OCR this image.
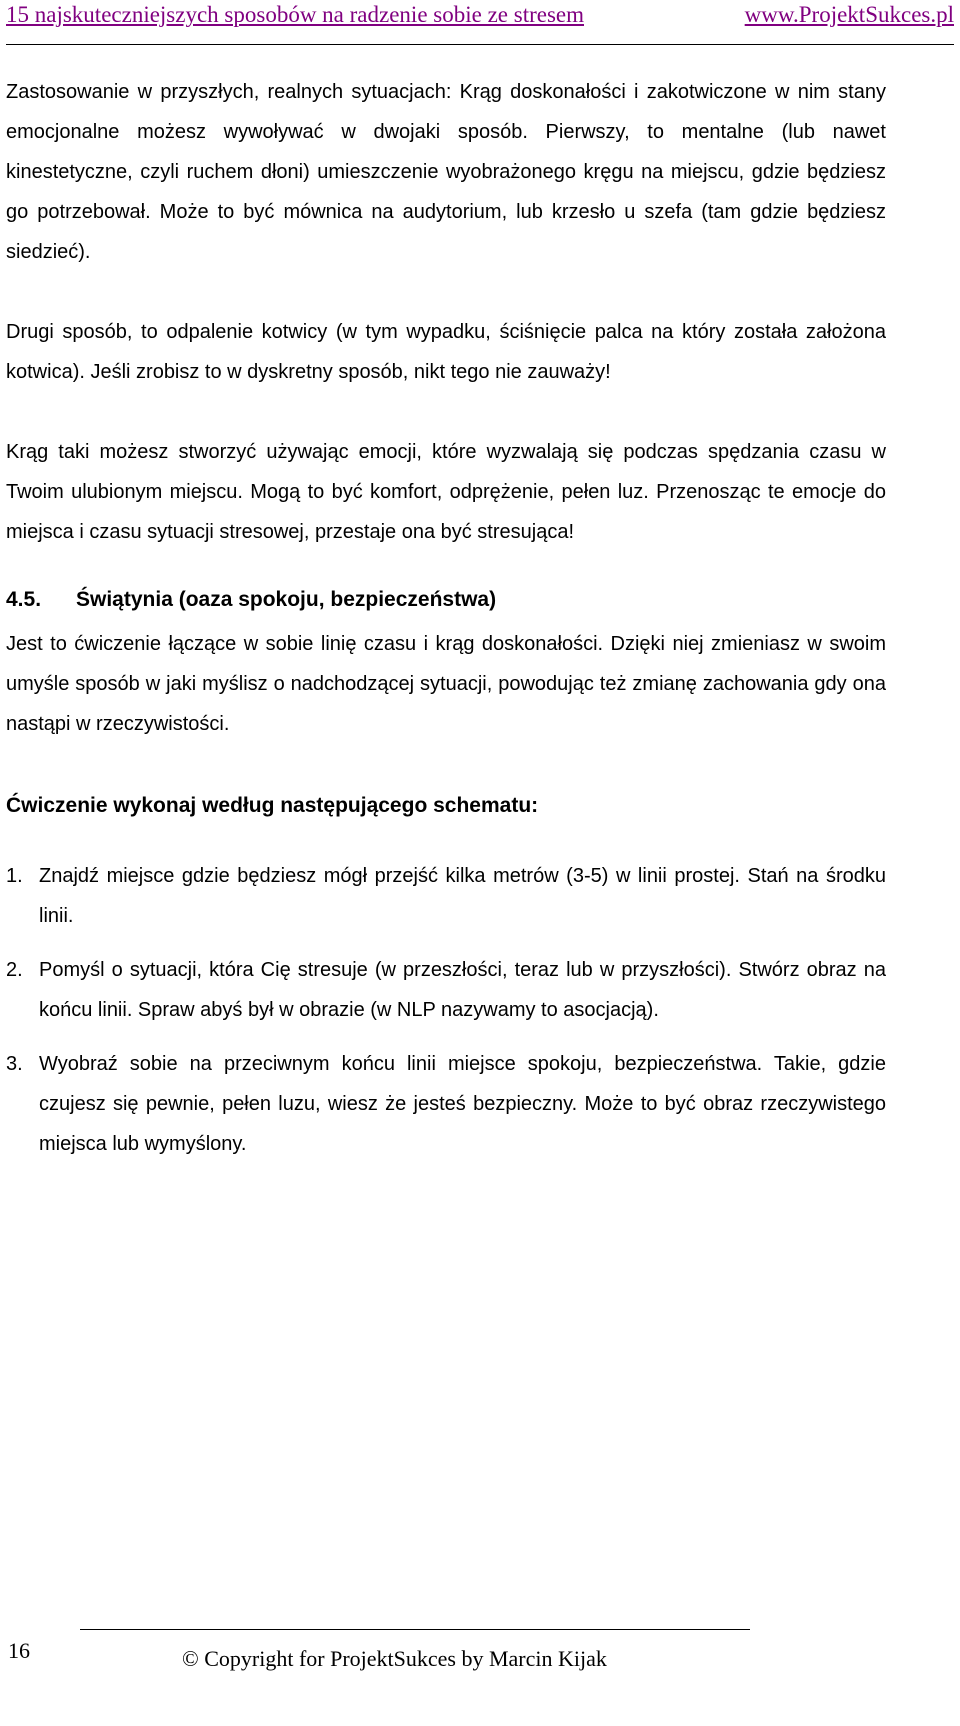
15 najskuteczniejszych sposobów na radzenie sobie ze stresem	www.ProjektSukces.pl

Zastosowanie w przyszłych, realnych sytuacjach: Krąg doskonałości i zakotwiczone w nim stany emocjonalne możesz wywoływać w dwojaki sposób. Pierwszy, to mentalne (lub nawet kinestetyczne, czyli ruchem dłoni) umieszczenie wyobrażonego kręgu na miejscu, gdzie będziesz go potrzebował. Może to być mównica na audytorium, lub krzesło u szefa (tam gdzie będziesz siedzieć).

Drugi sposób, to odpalenie kotwicy (w tym wypadku, ściśnięcie palca na który została założona kotwica). Jeśli zrobisz to w dyskretny sposób, nikt tego nie zauważy!

Krąg taki możesz stworzyć używając emocji, które wyzwalają się podczas spędzania czasu w Twoim ulubionym miejscu. Mogą to być komfort, odprężenie, pełen luz. Przenosząc te emocje do miejsca i czasu sytuacji stresowej, przestaje ona być stresująca!

4.5. Świątynia (oaza spokoju, bezpieczeństwa)

Jest to ćwiczenie łączące w sobie linię czasu i krąg doskonałości. Dzięki niej zmieniasz w swoim umyśle sposób w jaki myślisz o nadchodzącej sytuacji, powodując też zmianę zachowania gdy ona nastąpi w rzeczywistości.

Ćwiczenie wykonaj według następującego schematu:
1. Znajdź miejsce gdzie będziesz mógł przejść kilka metrów (3-5) w linii prostej. Stań na środku linii.
2. Pomyśl o sytuacji, która Cię stresuje (w przeszłości, teraz lub w przyszłości). Stwórz obraz na końcu linii. Spraw abyś był w obrazie (w NLP nazywamy to asocjacją).
3. Wyobraź sobie na przeciwnym końcu linii miejsce spokoju, bezpieczeństwa. Takie, gdzie czujesz się pewnie, pełen luzu, wiesz że jesteś bezpieczny. Może to być obraz rzeczywistego miejsca lub wymyślony.
16	© Copyright for ProjektSukces by Marcin Kijak
